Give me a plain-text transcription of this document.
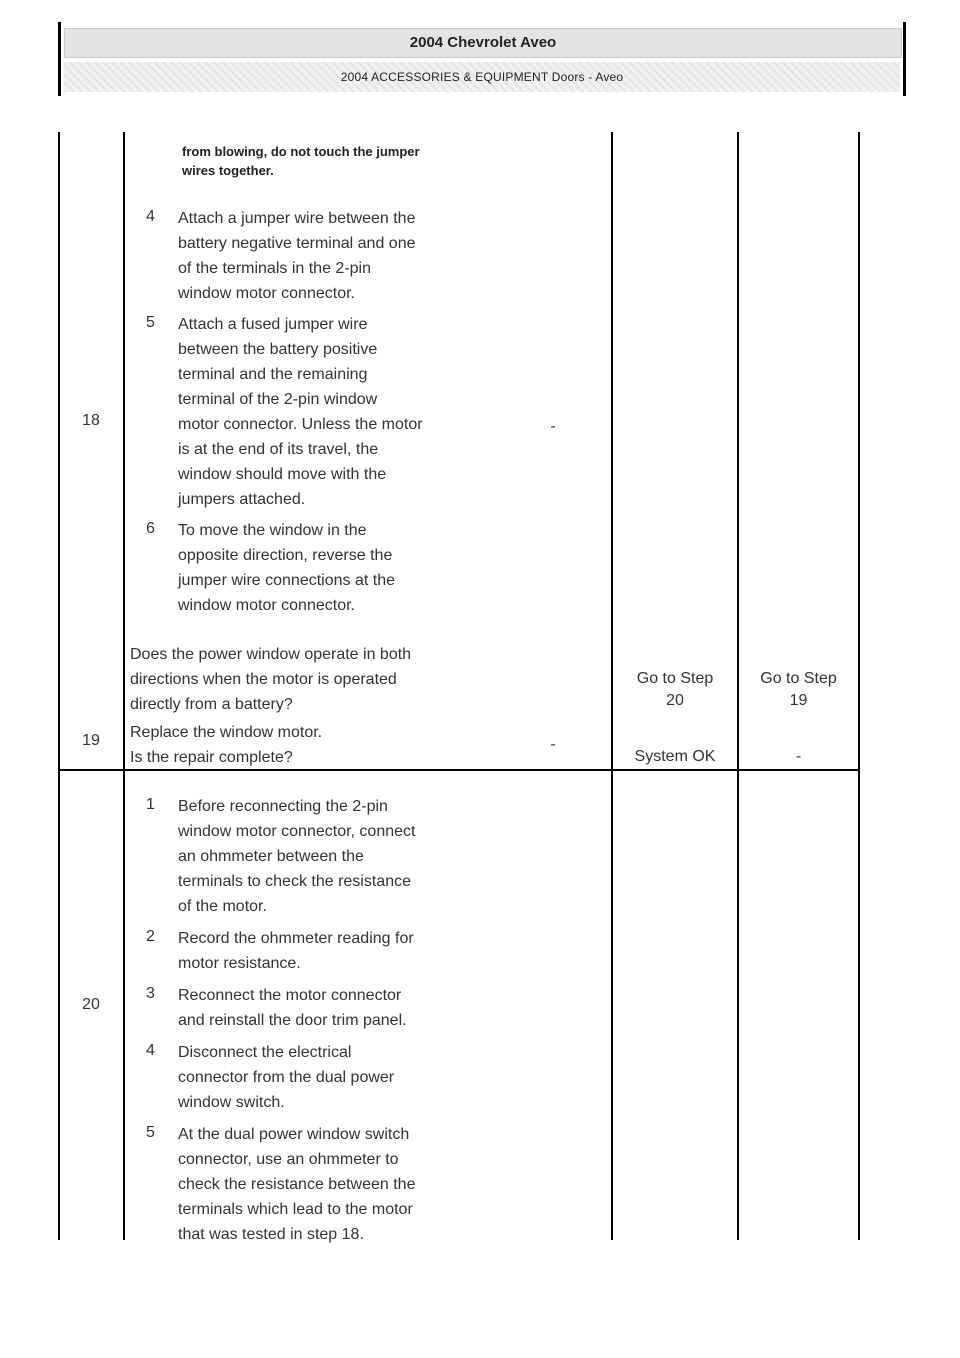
2004 Chevrolet Aveo
2004 ACCESSORIES & EQUIPMENT Doors - Aveo
18
from blowing, do not touch the jumper
wires together.
4 Attach a jumper wire between the
battery negative terminal and one
of the terminals in the 2-pin
window motor connector.
5 Attach a fused jumper wire
between the battery positive
terminal and the remaining
terminal of the 2-pin window
motor connector. Unless the motor
is at the end of its travel, the
window should move with the
jumpers attached.
6 To move the window in the
opposite direction, reverse the
jumper wire connections at the
window motor connector.
Does the power window operate in both
directions when the motor is operated
directly from a battery?
-
Go to Step
20
Go to Step
19
19	Replace the window motor.
Is the repair complete?
-
System OK	-
20
1 Before reconnecting the 2-pin
window motor connector, connect
an ohmmeter between the
terminals to check the resistance
of the motor.
2 Record the ohmmeter reading for
motor resistance.
3 Reconnect the motor connector
and reinstall the door trim panel.
4 Disconnect the electrical
connector from the dual power
window switch.
5 At the dual power window switch
connector, use an ohmmeter to
check the resistance between the
terminals which lead to the motor
that was tested in step 18.
